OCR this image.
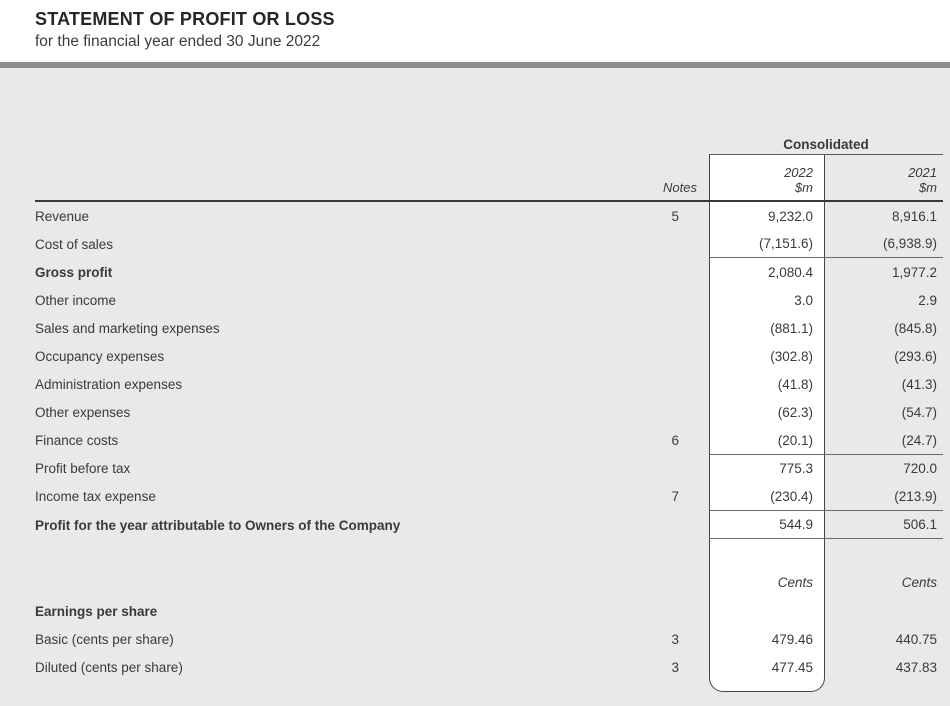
STATEMENT OF PROFIT OR LOSS
for the financial year ended 30 June 2022
Consolidated
Notes
2022
$m
2021
$m
Revenue	5	9,232.0	8,916.1
Cost of sales	(7,151.6)	(6,938.9)
Gross profit	2,080.4	1,977.2
Other income	3.0	2.9
Sales and marketing expenses	(881.1)	(845.8)
Occupancy expenses	(302.8)	(293.6)
Administration expenses	(41.8)	(41.3)
Other expenses	(62.3)	(54.7)
Finance costs	6	(20.1)	(24.7)
Profit before tax	775.3	720.0
Income tax expense	7	(230.4)	(213.9)
Profit for the year attributable to Owners of the Company	544.9	506.1
Cents	Cents
Earnings per share
Basic (cents per share)	3	479.46	440.75
Diluted (cents per share)	3	477.45	437.83
